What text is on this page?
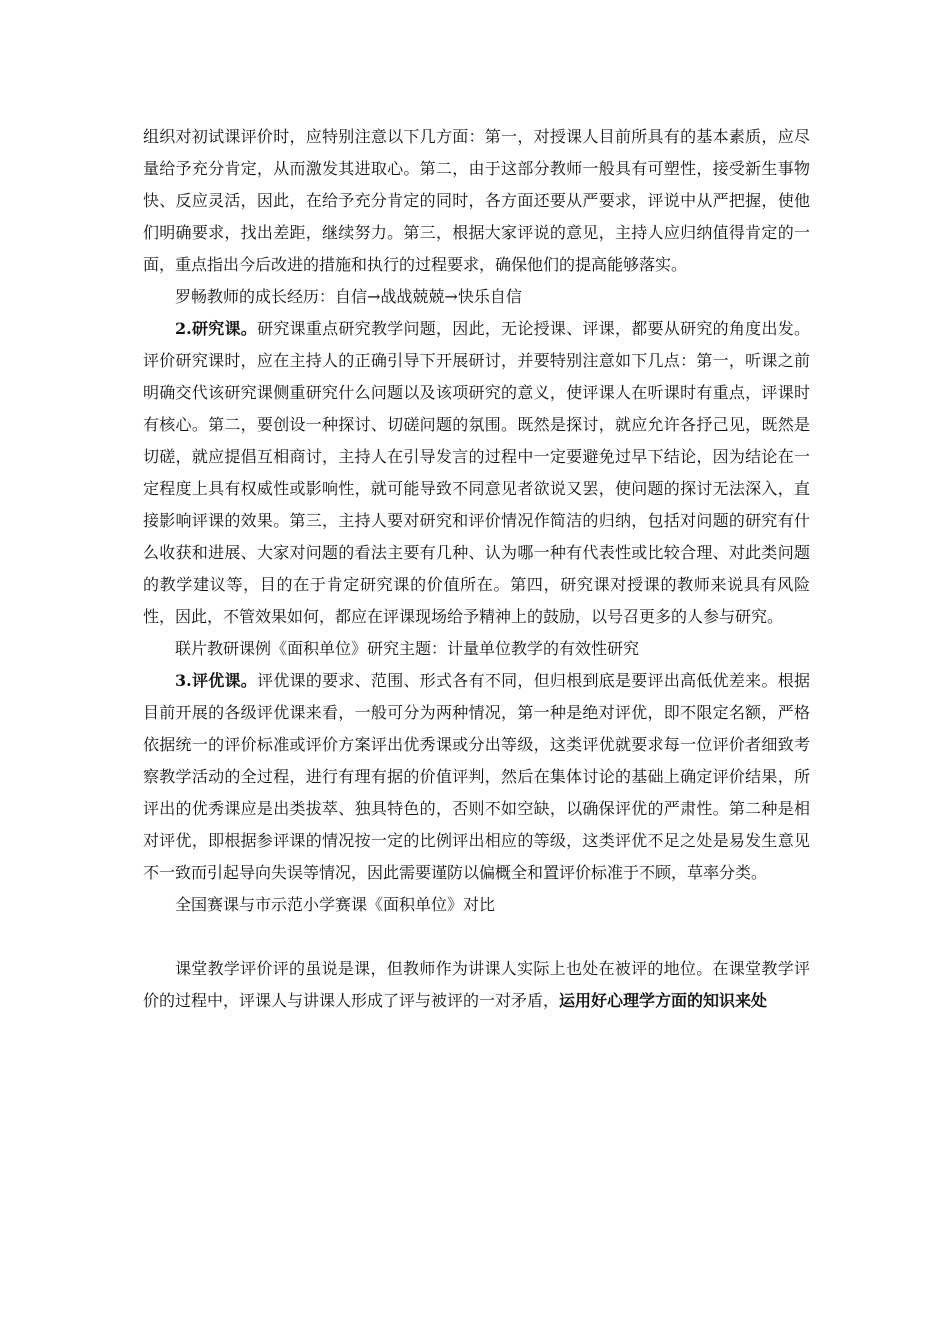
组织对初试课评价时，应特别注意以下几方面：第一，对授课人目前所具有的基本素质，应尽量给予充分肯定，从而激发其进取心。第二，由于这部分教师一般具有可塑性，接受新生事物快、反应灵活，因此，在给予充分肯定的同时，各方面还要从严要求，评说中从严把握，使他们明确要求，找出差距，继续努力。第三，根据大家评说的意见，主持人应归纳值得肯定的一面，重点指出今后改进的措施和执行的过程要求，确保他们的提高能够落实。

罗畅教师的成长经历：自信→战战兢兢→快乐自信

2.研究课。研究课重点研究教学问题，因此，无论授课、评课，都要从研究的角度出发。评价研究课时，应在主持人的正确引导下开展研讨，并要特别注意如下几点：第一，听课之前明确交代该研究课侧重研究什么问题以及该项研究的意义，使评课人在听课时有重点，评课时有核心。第二，要创设一种探讨、切磋问题的氛围。既然是探讨，就应允许各抒己见，既然是切磋，就应提倡互相商讨，主持人在引导发言的过程中一定要避免过早下结论，因为结论在一定程度上具有权威性或影响性，就可能导致不同意见者欲说又罢，使问题的探讨无法深入，直接影响评课的效果。第三，主持人要对研究和评价情况作简洁的归纳，包括对问题的研究有什么收获和进展、大家对问题的看法主要有几种、认为哪一种有代表性或比较合理、对此类问题的教学建议等，目的在于肯定研究课的价值所在。第四，研究课对授课的教师来说具有风险性，因此，不管效果如何，都应在评课现场给予精神上的鼓励，以号召更多的人参与研究。

联片教研课例《面积单位》研究主题：计量单位教学的有效性研究

3.评优课。评优课的要求、范围、形式各有不同，但归根到底是要评出高低优差来。根据目前开展的各级评优课来看，一般可分为两种情况，第一种是绝对评优，即不限定名额，严格依据统一的评价标准或评价方案评出优秀课或分出等级，这类评优就要求每一位评价者细致考察教学活动的全过程，进行有理有据的价值评判，然后在集体讨论的基础上确定评价结果，所评出的优秀课应是出类拔萃、独具特色的，否则不如空缺，以确保评优的严肃性。第二种是相对评优，即根据参评课的情况按一定的比例评出相应的等级，这类评优不足之处是易发生意见不一致而引起导向失误等情况，因此需要谨防以偏概全和置评价标准于不顾，草率分类。

全国赛课与市示范小学赛课《面积单位》对比

课堂教学评价评的虽说是课，但教师作为讲课人实际上也处在被评的地位。在课堂教学评价的过程中，评课人与讲课人形成了评与被评的一对矛盾，运用好心理学方面的知识来处
